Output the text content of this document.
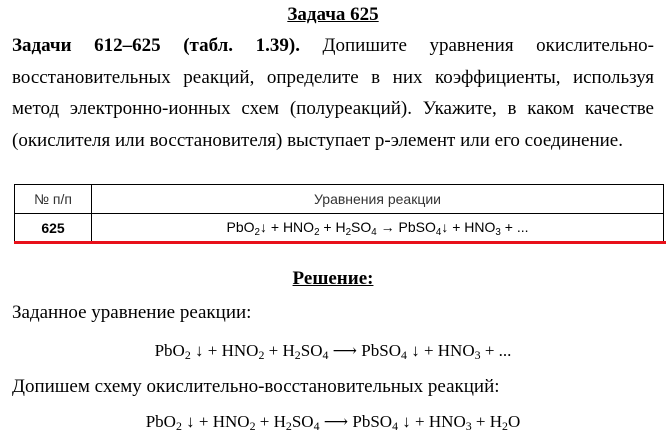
Задача 625
Задачи 612–625 (табл. 1.39). Допишите уравнения окислительно-восстановительных реакций, определите в них коэффициенты, используя метод электронно-ионных схем (полуреакций). Укажите, в каком качестве (окислителя или восстановителя) выступает p-элемент или его соединение.
№ п/п	Уравнения реакции
625	PbO$_2$↓ + $HNO_2 + H_2SO_4$ → PbSO$_4$↓ + $HNO_3$ + ...
Решение:
Заданное уравнение реакции:
PbO$_2$ ↓ + $HNO_2 + H_2SO_4$ ⟶ PbSO$_4$ ↓ + $HNO_3$ + ...
Допишем схему окислительно-восстановительных реакций:
PbO$_2$ ↓ + $HNO_2 + H_2SO_4$ ⟶ PbSO$_4$ ↓ + $HNO_3 + H_2O$
